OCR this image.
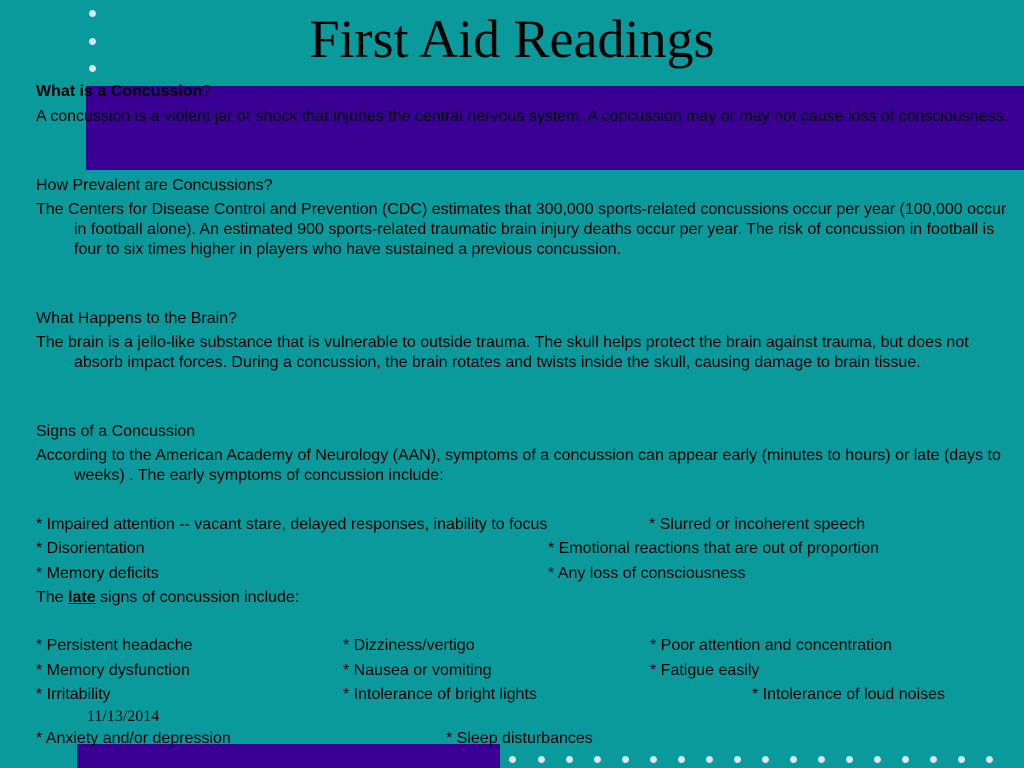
First Aid Readings
What is a Concussion?
A concussion is a violent jar or shock that injuries the central nervous system. A concussion may or may not cause loss of consciousness.
How Prevalent are Concussions?
The Centers for Disease Control and Prevention (CDC) estimates that 300,000 sports-related concussions occur per year (100,000 occur in football alone). An estimated 900 sports-related traumatic brain injury deaths occur per year. The risk of concussion in football is four to six times higher in players who have sustained a previous concussion.
What Happens to the Brain?
The brain is a jello-like substance that is vulnerable to outside trauma. The skull helps protect the brain against trauma, but does not absorb impact forces. During a concussion, the brain rotates and twists inside the skull, causing damage to brain tissue.
Signs of a Concussion
According to the American Academy of Neurology (AAN), symptoms of a concussion can appear early (minutes to hours) or late (days to weeks) . The early symptoms of concussion include:
* Impaired attention -- vacant stare, delayed responses, inability to focus	* Slurred or incoherent speech
* Disorientation	* Emotional reactions that are out of proportion
* Memory deficits	* Any loss of consciousness
The late signs of concussion include:
* Persistent headache	* Dizziness/vertigo	* Poor attention and concentration
* Memory dysfunction	* Nausea or vomiting	* Fatigue easily
* Irritability	* Intolerance of bright lights	* Intolerance of loud noises
* Anxiety and/or depression	* Sleep disturbances
11/13/2014
